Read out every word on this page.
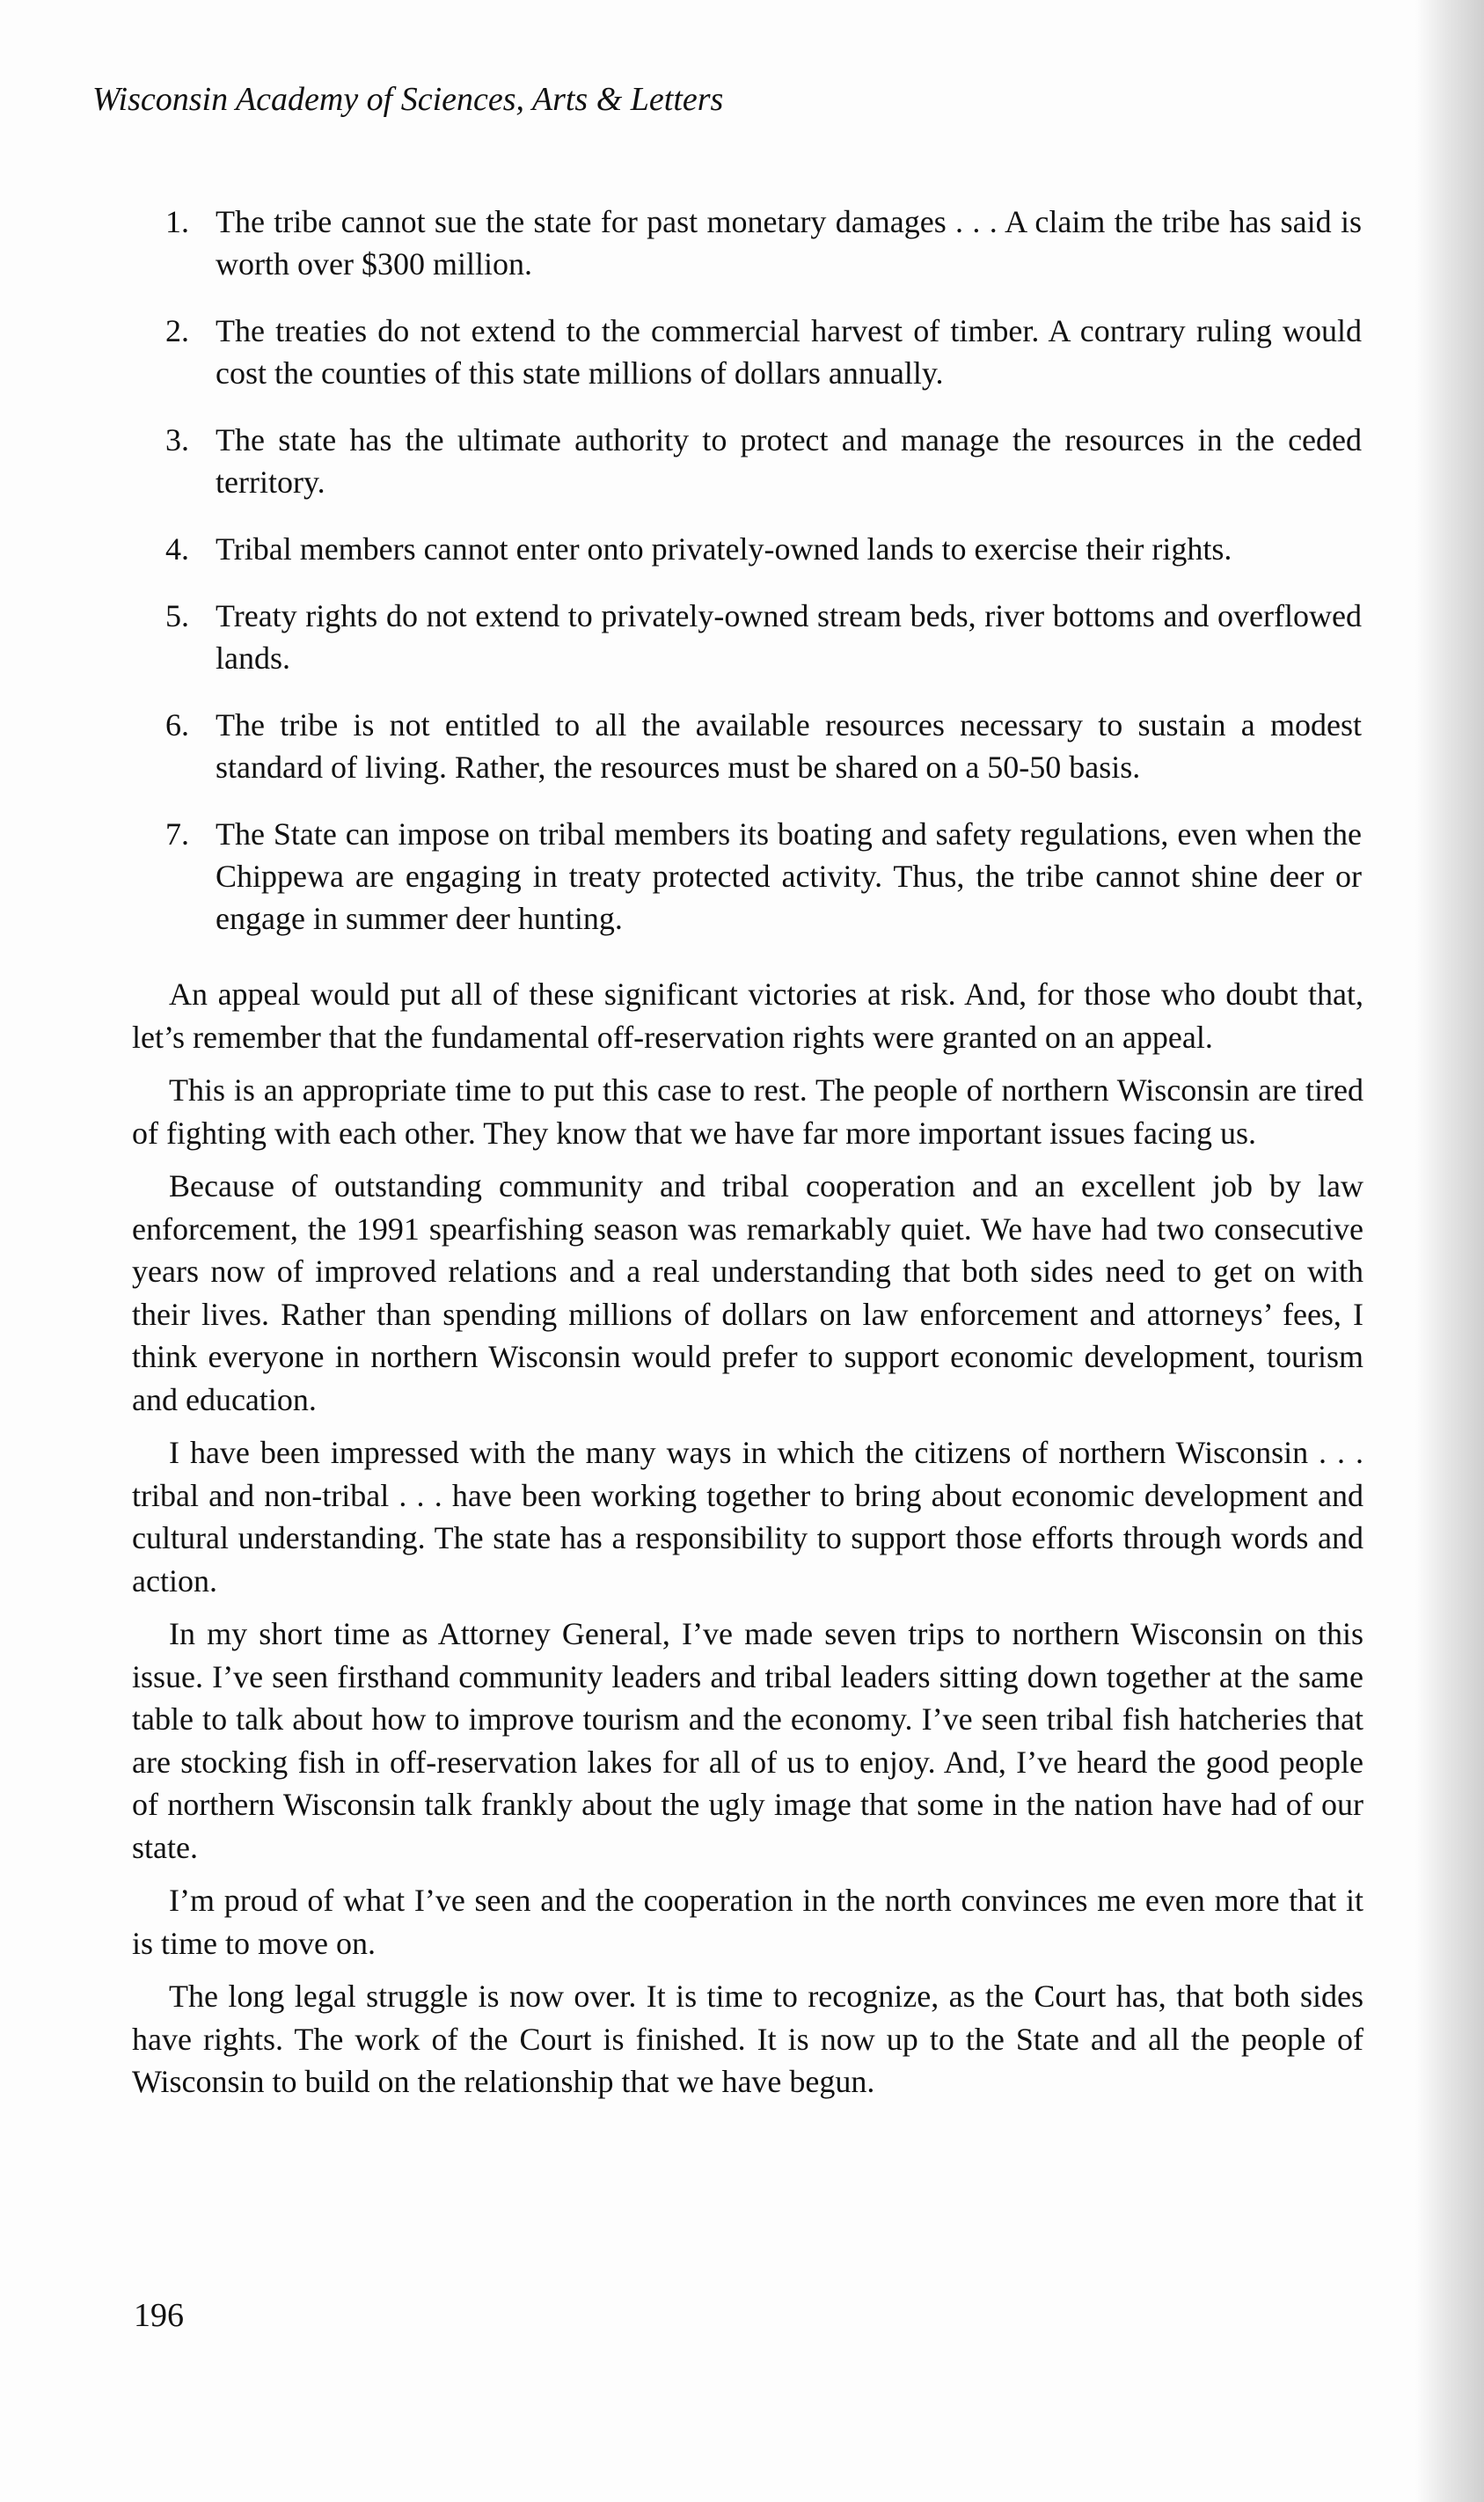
Wisconsin Academy of Sciences, Arts & Letters
1. The tribe cannot sue the state for past monetary damages . . . A claim the tribe has said is worth over $300 million.
2. The treaties do not extend to the commercial harvest of timber. A contrary ruling would cost the counties of this state millions of dollars annually.
3. The state has the ultimate authority to protect and manage the resources in the ceded territory.
4. Tribal members cannot enter onto privately-owned lands to exercise their rights.
5. Treaty rights do not extend to privately-owned stream beds, river bottoms and overflowed lands.
6. The tribe is not entitled to all the available resources necessary to sustain a modest standard of living. Rather, the resources must be shared on a 50-50 basis.
7. The State can impose on tribal members its boating and safety regulations, even when the Chippewa are engaging in treaty protected activity. Thus, the tribe cannot shine deer or engage in summer deer hunting.

An appeal would put all of these significant victories at risk. And, for those who doubt that, let’s remember that the fundamental off-reservation rights were granted on an appeal.

This is an appropriate time to put this case to rest. The people of northern Wisconsin are tired of fighting with each other. They know that we have far more important issues facing us.

Because of outstanding community and tribal cooperation and an excellent job by law enforcement, the 1991 spearfishing season was remarkably quiet. We have had two consecutive years now of improved relations and a real understanding that both sides need to get on with their lives. Rather than spending millions of dollars on law enforcement and attorneys’ fees, I think everyone in northern Wisconsin would prefer to support economic development, tourism and education.

I have been impressed with the many ways in which the citizens of northern Wisconsin . . . tribal and non-tribal . . . have been working together to bring about economic development and cultural understanding. The state has a responsibility to support those efforts through words and action.

In my short time as Attorney General, I’ve made seven trips to northern Wisconsin on this issue. I’ve seen firsthand community leaders and tribal leaders sitting down together at the same table to talk about how to improve tourism and the economy. I’ve seen tribal fish hatcheries that are stocking fish in off-reservation lakes for all of us to enjoy. And, I’ve heard the good people of northern Wisconsin talk frankly about the ugly image that some in the nation have had of our state.

I’m proud of what I’ve seen and the cooperation in the north convinces me even more that it is time to move on.

The long legal struggle is now over. It is time to recognize, as the Court has, that both sides have rights. The work of the Court is finished. It is now up to the State and all the people of Wisconsin to build on the relationship that we have begun.

196
